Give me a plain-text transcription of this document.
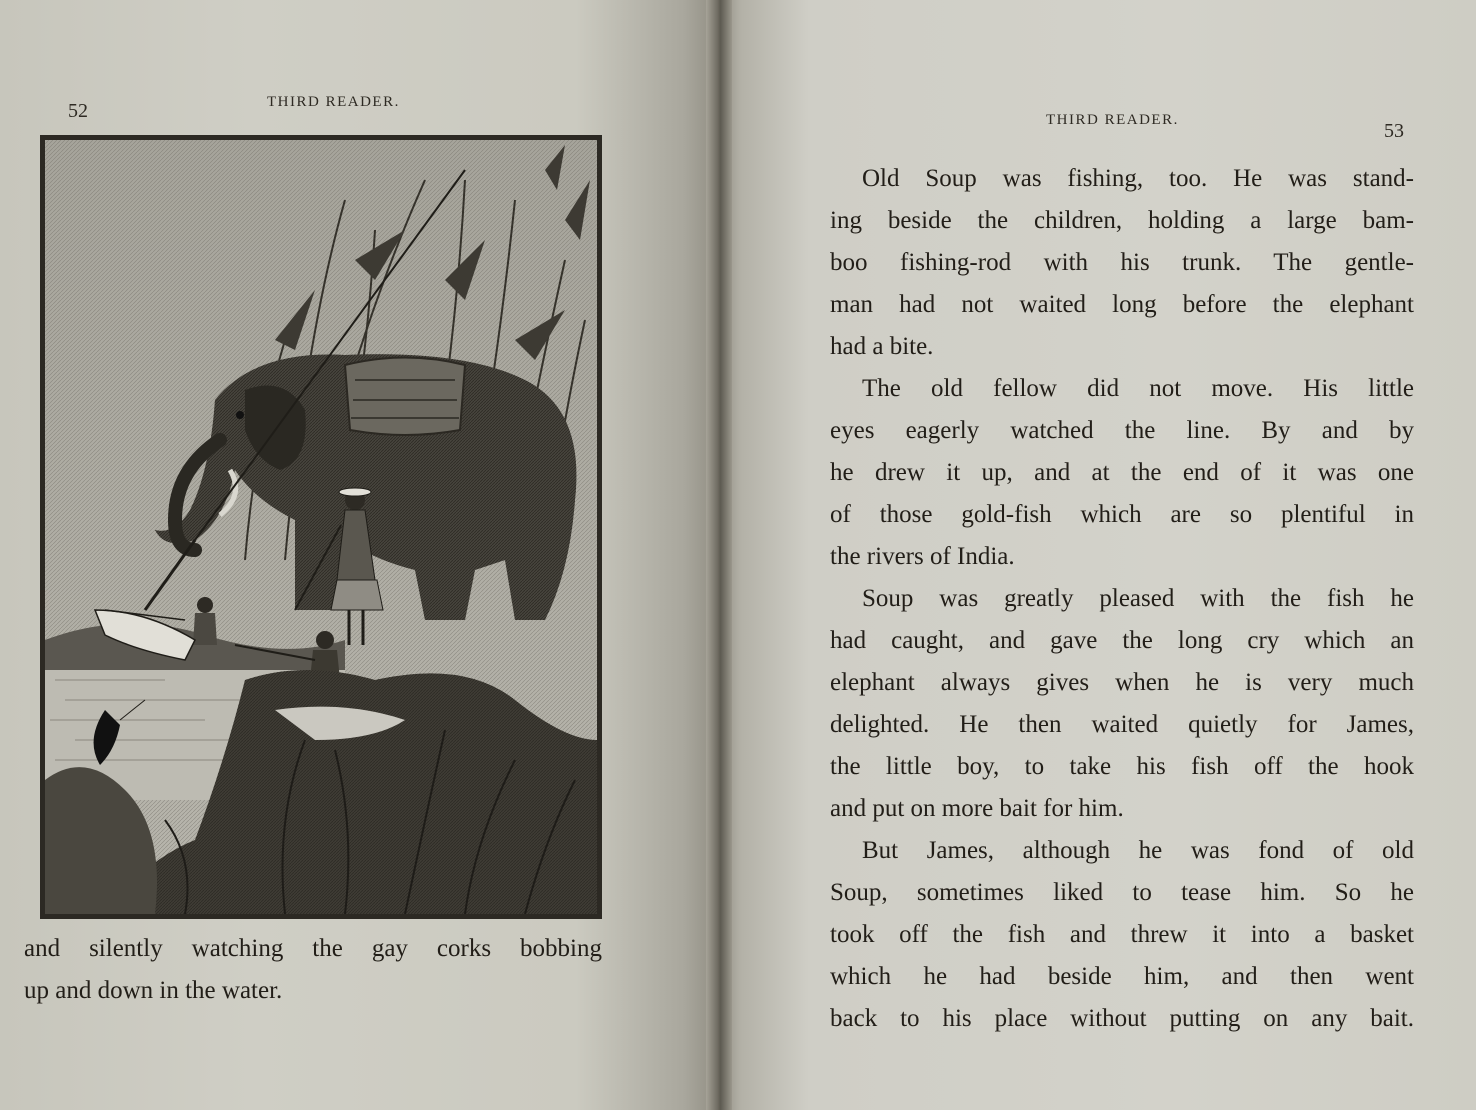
52	THIRD READER.
and silently watching the gay corks bobbing
up and down in the water.
THIRD READER.	53
Old Soup was fishing, too. He was stand-
ing beside the children, holding a large bam-
boo fishing-rod with his trunk. The gentle-
man had not waited long before the elephant
had a bite.
The old fellow did not move. His little
eyes eagerly watched the line. By and by
he drew it up, and at the end of it was one
of those gold-fish which are so plentiful in
the rivers of India.
Soup was greatly pleased with the fish he
had caught, and gave the long cry which an
elephant always gives when he is very much
delighted. He then waited quietly for James,
the little boy, to take his fish off the hook
and put on more bait for him.
But James, although he was fond of old
Soup, sometimes liked to tease him. So he
took off the fish and threw it into a basket
which he had beside him, and then went
back to his place without putting on any bait.
